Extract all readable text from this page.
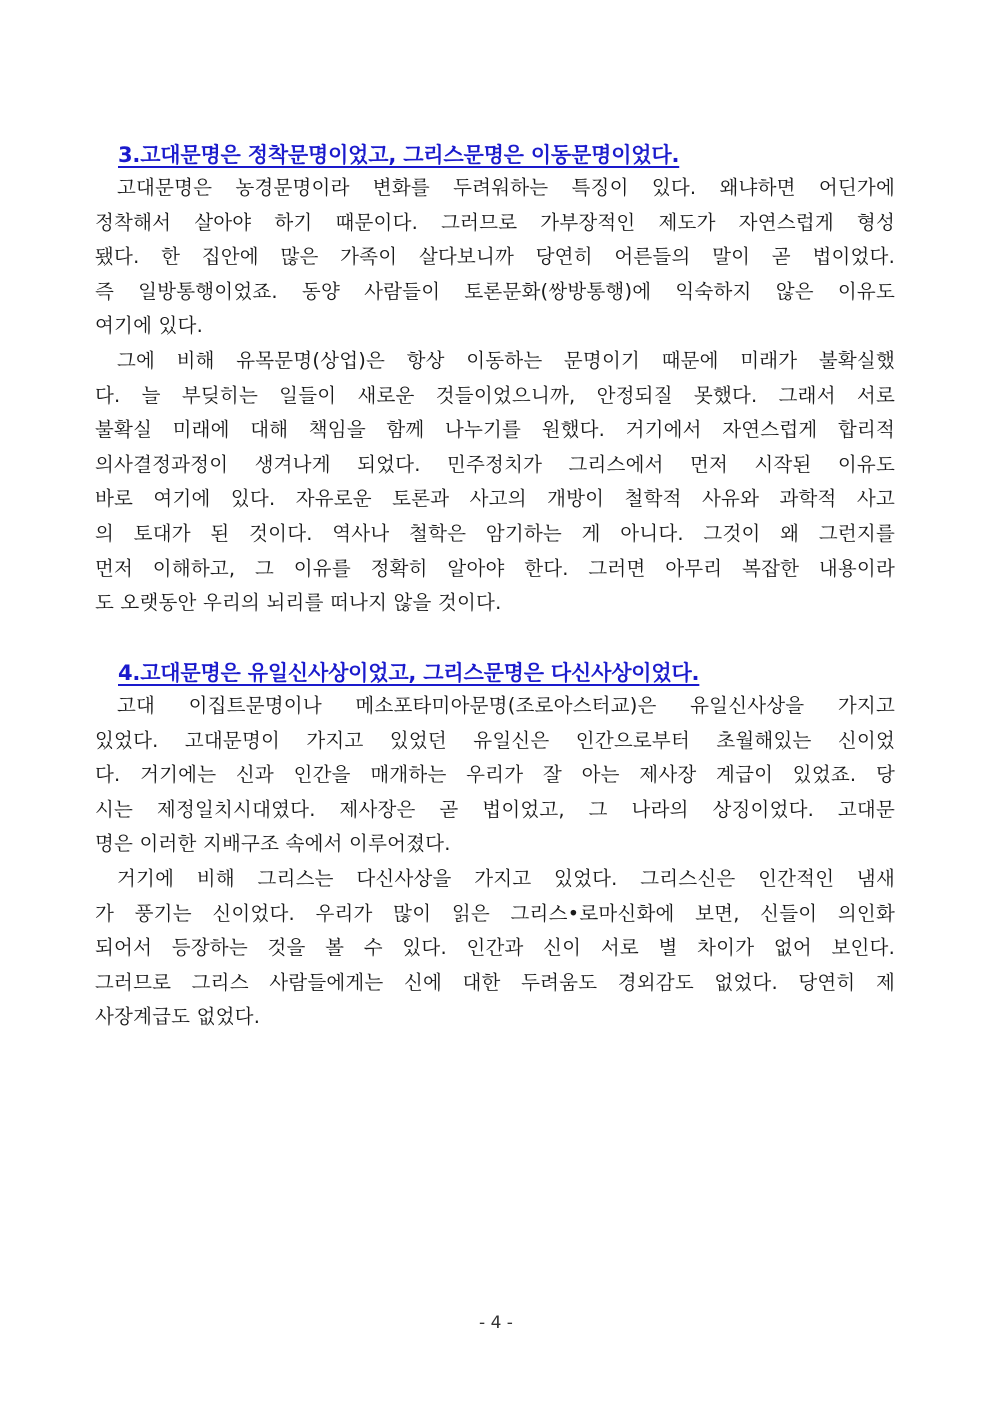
3.고대문명은 정착문명이었고, 그리스문명은 이동문명이었다.
고대문명은 농경문명이라 변화를 두려워하는 특징이 있다. 왜냐하면 어딘가에
정착해서 살아야 하기 때문이다. 그러므로 가부장적인 제도가 자연스럽게 형성
됐다. 한 집안에 많은 가족이 살다보니까 당연히 어른들의 말이 곧 법이었다.
즉 일방통행이었죠. 동양 사람들이 토론문화(쌍방통행)에 익숙하지 않은 이유도
여기에 있다.
그에 비해 유목문명(상업)은 항상 이동하는 문명이기 때문에 미래가 불확실했
다. 늘 부딪히는 일들이 새로운 것들이었으니까, 안정되질 못했다. 그래서 서로
불확실 미래에 대해 책임을 함께 나누기를 원했다. 거기에서 자연스럽게 합리적
의사결정과정이 생겨나게 되었다. 민주정치가 그리스에서 먼저 시작된 이유도
바로 여기에 있다. 자유로운 토론과 사고의 개방이 철학적 사유와 과학적 사고
의 토대가 된 것이다. 역사나 철학은 암기하는 게 아니다. 그것이 왜 그런지를
먼저 이해하고, 그 이유를 정확히 알아야 한다. 그러면 아무리 복잡한 내용이라
도 오랫동안 우리의 뇌리를 떠나지 않을 것이다.
4.고대문명은 유일신사상이었고, 그리스문명은 다신사상이었다.
고대 이집트문명이나 메소포타미아문명(조로아스터교)은 유일신사상을 가지고
있었다. 고대문명이 가지고 있었던 유일신은 인간으로부터 초월해있는 신이었
다. 거기에는 신과 인간을 매개하는 우리가 잘 아는 제사장 계급이 있었죠. 당
시는 제정일치시대였다. 제사장은 곧 법이었고, 그 나라의 상징이었다. 고대문
명은 이러한 지배구조 속에서 이루어졌다.
거기에 비해 그리스는 다신사상을 가지고 있었다. 그리스신은 인간적인 냄새
가 풍기는 신이었다. 우리가 많이 읽은 그리스•로마신화에 보면, 신들이 의인화
되어서 등장하는 것을 볼 수 있다. 인간과 신이 서로 별 차이가 없어 보인다.
그러므로 그리스 사람들에게는 신에 대한 두려움도 경외감도 없었다. 당연히 제
사장계급도 없었다.
- 4 -
